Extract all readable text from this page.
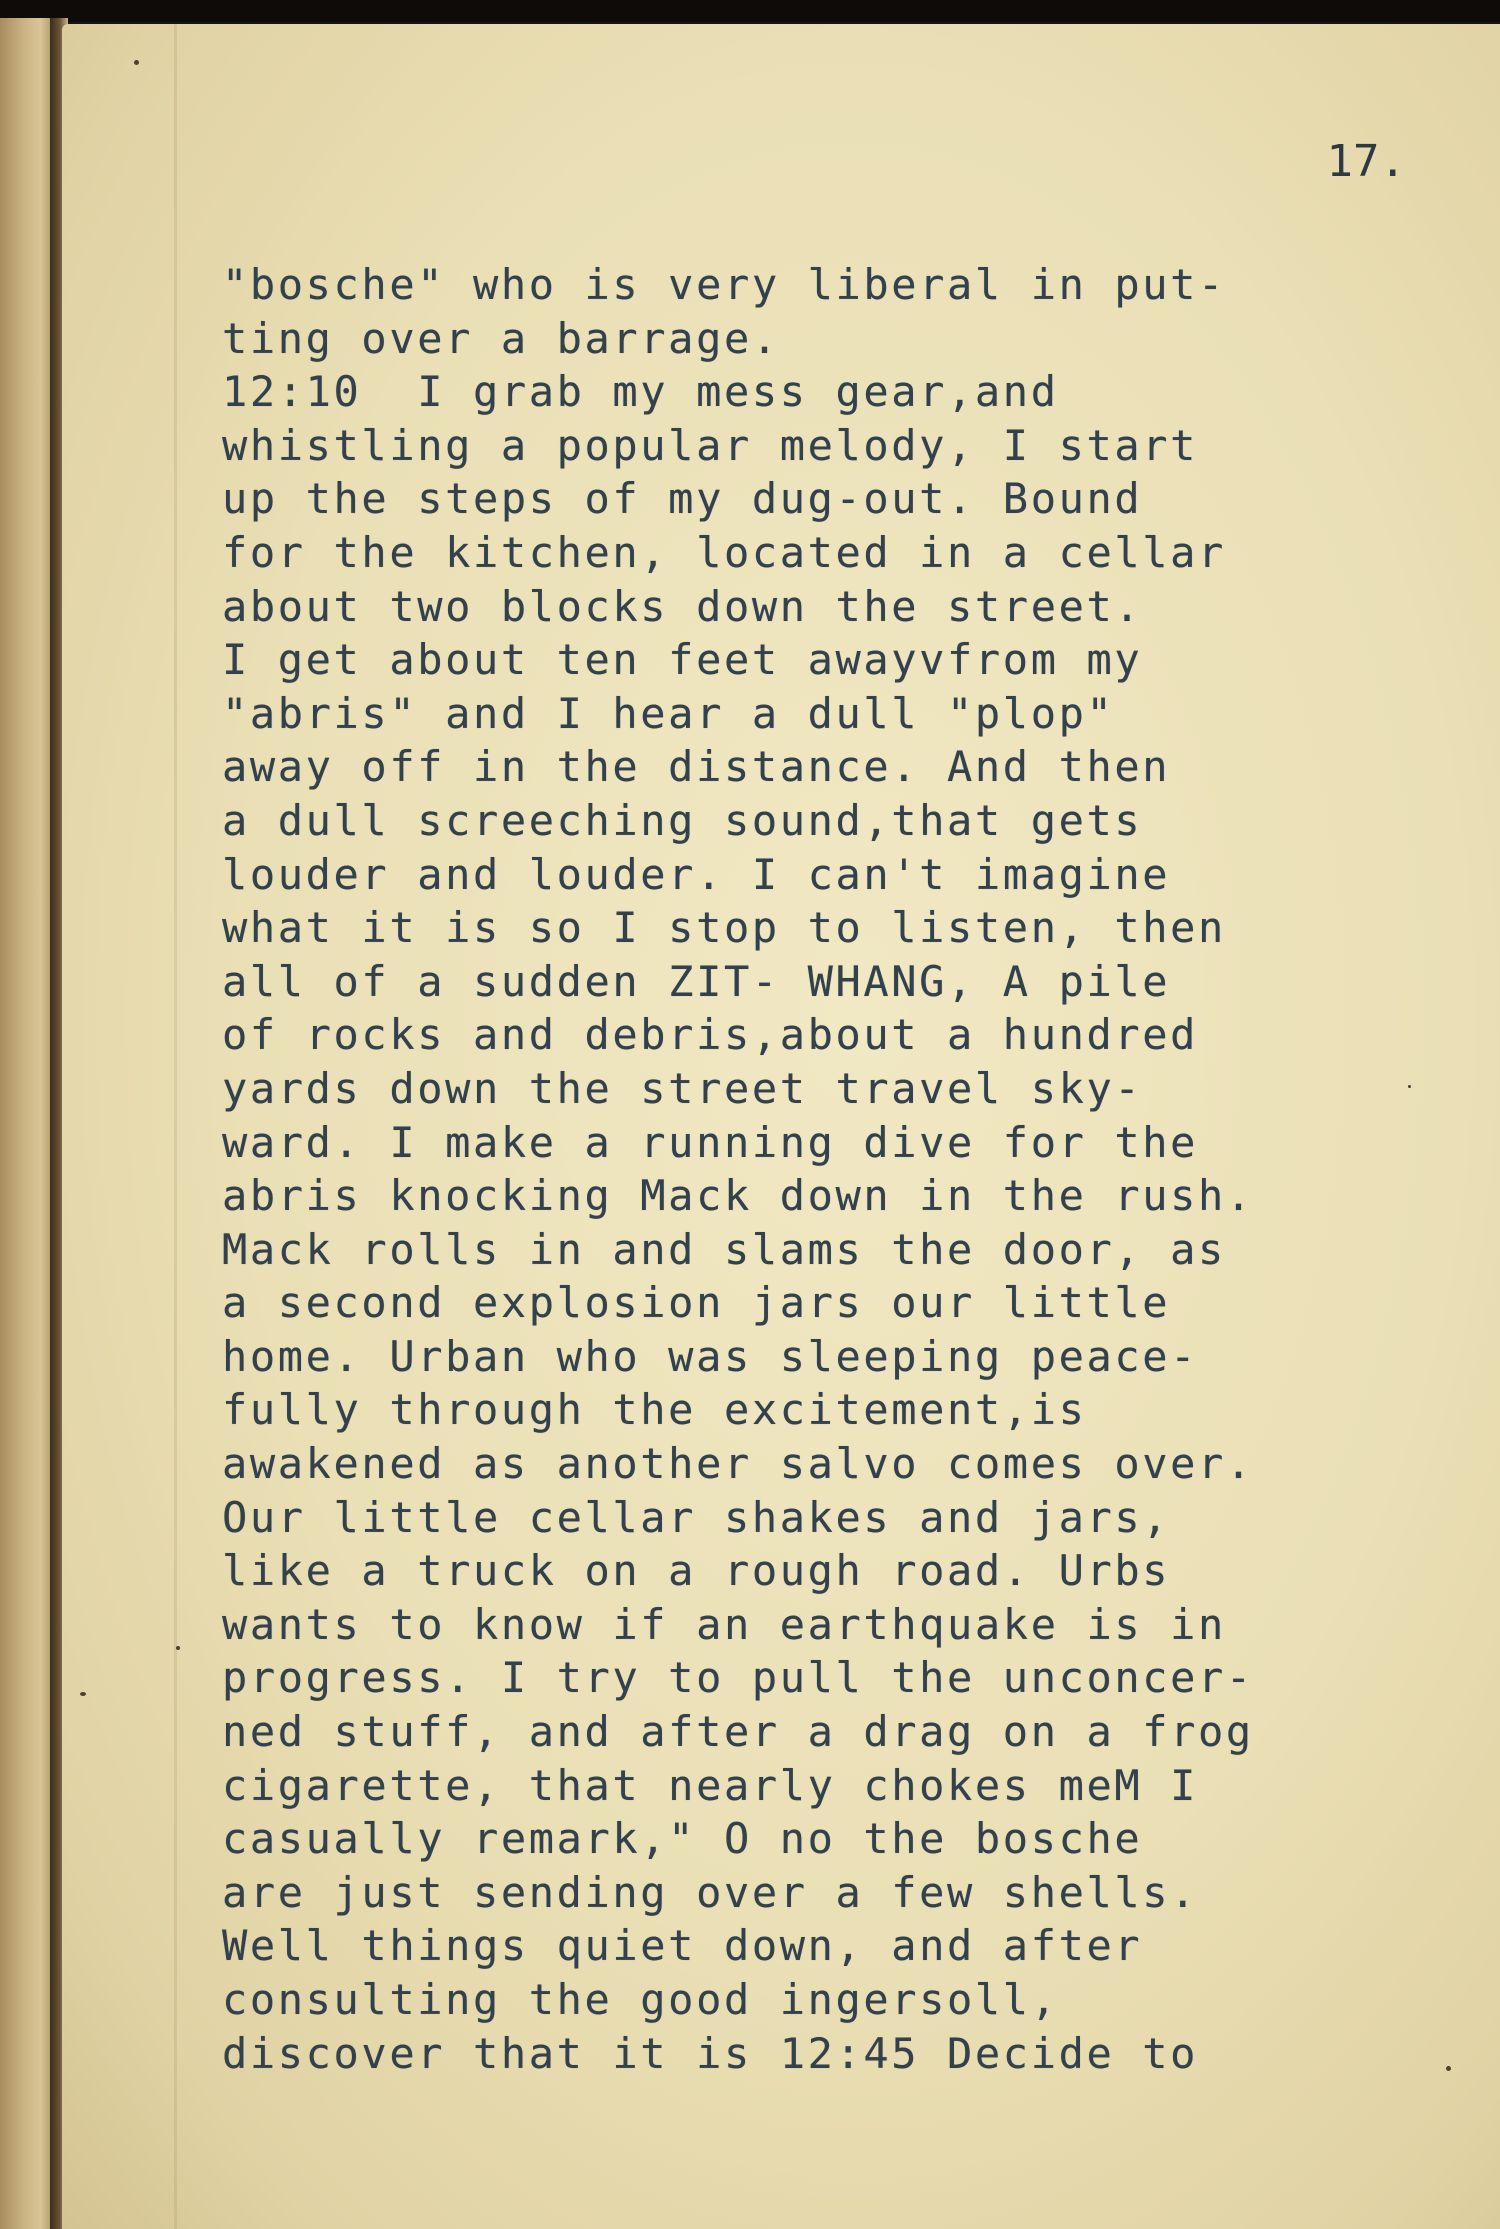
17.

"bosche" who is very liberal in put-
ting over a barrage.
12:10  I grab my mess gear,and
whistling a popular melody, I start
up the steps of my dug-out. Bound
for the kitchen, located in a cellar
about two blocks down the street.
I get about ten feet awayvfrom my
"abris" and I hear a dull "plop"
away off in the distance. And then
a dull screeching sound,that gets
louder and louder. I can't imagine
what it is so I stop to listen, then
all of a sudden ZIT- WHANG, A pile
of rocks and debris,about a hundred
yards down the street travel sky-
ward. I make a running dive for the
abris knocking Mack down in the rush.
Mack rolls in and slams the door, as
a second explosion jars our little
home. Urban who was sleeping peace-
fully through the excitement,is
awakened as another salvo comes over.
Our little cellar shakes and jars,
like a truck on a rough road. Urbs
wants to know if an earthquake is in
progress. I try to pull the unconcer-
ned stuff, and after a drag on a frog
cigarette, that nearly chokes meM I
casually remark," O no the bosche
are just sending over a few shells.
Well things quiet down, and after
consulting the good ingersoll,
discover that it is 12:45 Decide to
